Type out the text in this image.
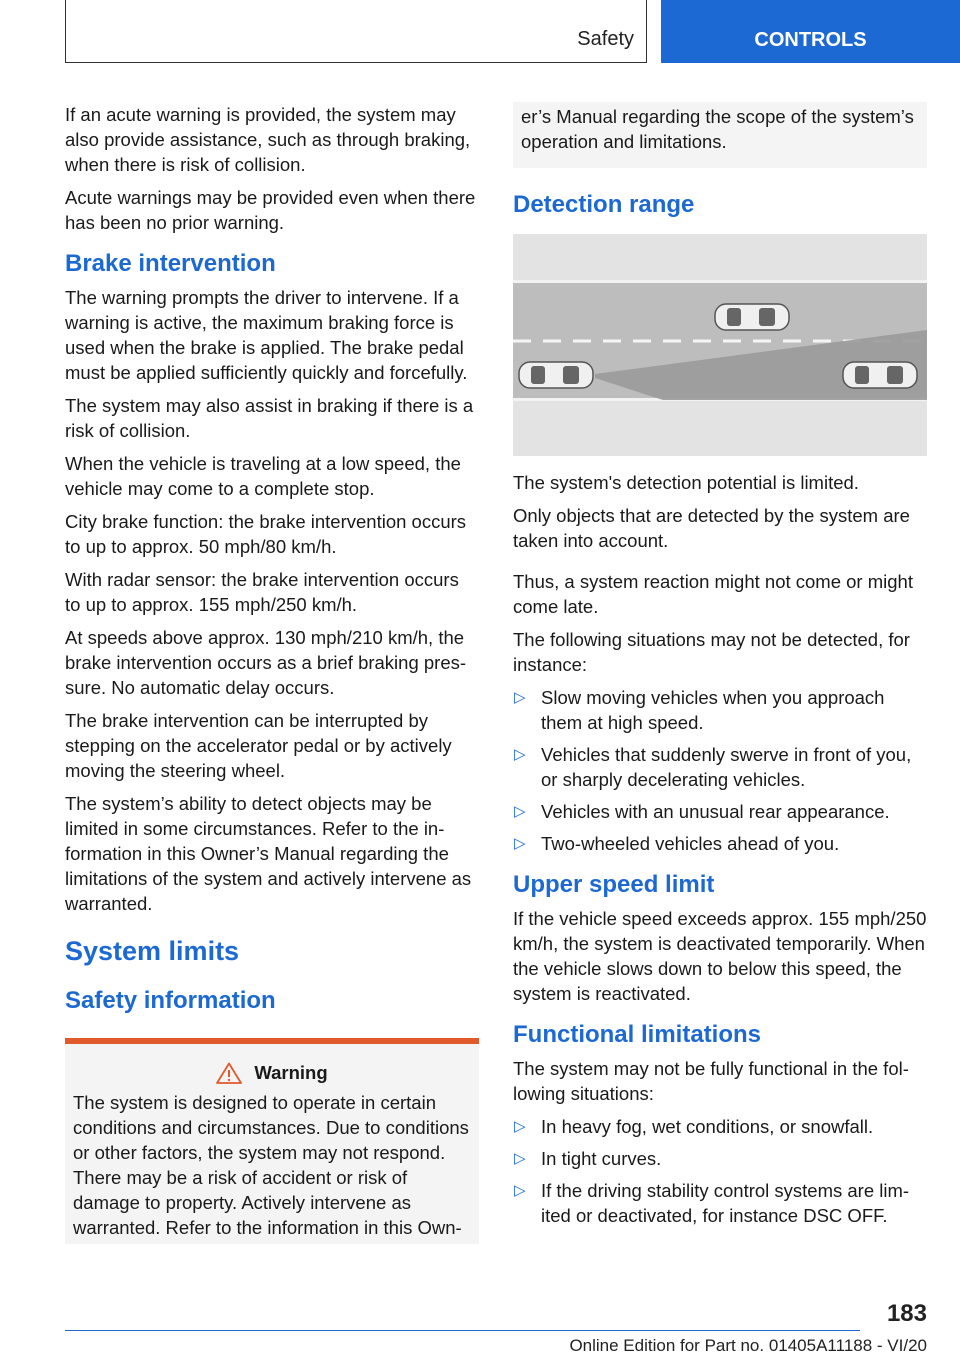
Safety	CONTROLS

If an acute warning is provided, the system may also provide assistance, such as through braking, when there is risk of collision.

Acute warnings may be provided even when there has been no prior warning.

Brake intervention

The warning prompts the driver to intervene. If a warning is active, the maximum braking force is used when the brake is applied. The brake pedal must be applied sufficiently quickly and forcefully.

The system may also assist in braking if there is a risk of collision.

When the vehicle is traveling at a low speed, the vehicle may come to a complete stop.

City brake function: the brake intervention occurs to up to approx. 50 mph/80 km/h.

With radar sensor: the brake intervention occurs to up to approx. 155 mph/250 km/h.

At speeds above approx. 130 mph/210 km/h, the brake intervention occurs as a brief braking pressure. No automatic delay occurs.

The brake intervention can be interrupted by stepping on the accelerator pedal or by actively moving the steering wheel.

The system’s ability to detect objects may be limited in some circumstances. Refer to the information in this Owner’s Manual regarding the limitations of the system and actively intervene as warranted.

System limits
Safety information
Warning

The system is designed to operate in certain conditions and circumstances. Due to conditions or other factors, the system may not respond. There may be a risk of accident or risk of damage to property. Actively intervene as warranted. Refer to the information in this Own-

er’s Manual regarding the scope of the system’s operation and limitations.

Detection range

The system's detection potential is limited.

Only objects that are detected by the system are taken into account.

Thus, a system reaction might not come or might come late.

The following situations may not be detected, for instance:

▷ Slow moving vehicles when you approach them at high speed.
▷ Vehicles that suddenly swerve in front of you, or sharply decelerating vehicles.
▷ Vehicles with an unusual rear appearance.
▷ Two-wheeled vehicles ahead of you.
Upper speed limit

If the vehicle speed exceeds approx. 155 mph/250 km/h, the system is deactivated temporarily. When the vehicle slows down to below this speed, the system is reactivated.

Functional limitations

The system may not be fully functional in the following situations:

▷ In heavy fog, wet conditions, or snowfall.
▷ In tight curves.
▷ If the driving stability control systems are limited or deactivated, for instance DSC OFF.
183
Online Edition for Part no. 01405A11188 - VI/20
